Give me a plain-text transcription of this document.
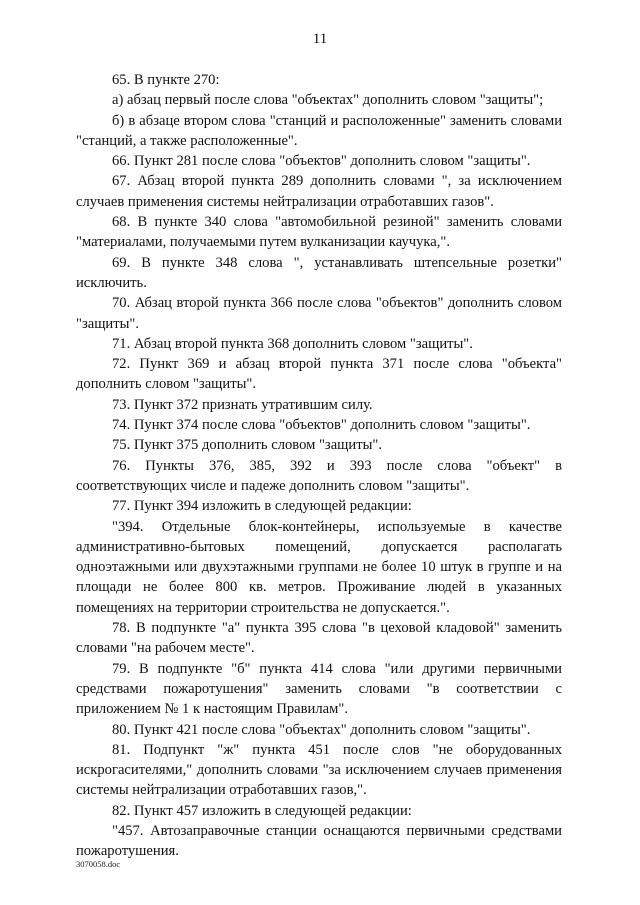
11

65. В пункте 270:

а) абзац первый после слова "объектах" дополнить словом "защиты";

б) в абзаце втором слова "станций и расположенные" заменить словами "станций, а также расположенные".

66. Пункт 281 после слова "объектов" дополнить словом "защиты".

67. Абзац второй пункта 289 дополнить словами ", за исключением случаев применения системы нейтрализации отработавших газов".

68. В пункте 340 слова "автомобильной резиной" заменить словами "материалами, получаемыми путем вулканизации каучука,".

69. В пункте 348 слова ", устанавливать штепсельные розетки" исключить.

70. Абзац второй пункта 366 после слова "объектов" дополнить словом "защиты".

71. Абзац второй пункта 368 дополнить словом "защиты".

72. Пункт 369 и абзац второй пункта 371 после слова "объекта" дополнить словом "защиты".

73. Пункт 372 признать утратившим силу.

74. Пункт 374 после слова "объектов" дополнить словом "защиты".

75. Пункт 375 дополнить словом "защиты".

76. Пункты 376, 385, 392 и 393 после слова "объект" в соответствующих числе и падеже дополнить словом "защиты".

77. Пункт 394 изложить в следующей редакции:

"394. Отдельные блок-контейнеры, используемые в качестве административно-бытовых помещений, допускается располагать одноэтажными или двухэтажными группами не более 10 штук в группе и на площади не более 800 кв. метров. Проживание людей в указанных помещениях на территории строительства не допускается.".

78. В подпункте "а" пункта 395 слова "в цеховой кладовой" заменить словами "на рабочем месте".

79. В подпункте "б" пункта 414 слова "или другими первичными средствами пожаротушения" заменить словами "в соответствии с приложением № 1 к настоящим Правилам".

80. Пункт 421 после слова "объектах" дополнить словом "защиты".

81. Подпункт "ж" пункта 451 после слов "не оборудованных искрогасителями," дополнить словами "за исключением случаев применения системы нейтрализации отработавших газов,".

82. Пункт 457 изложить в следующей редакции:

"457. Автозаправочные станции оснащаются первичными средствами пожаротушения.

3070058.doc
